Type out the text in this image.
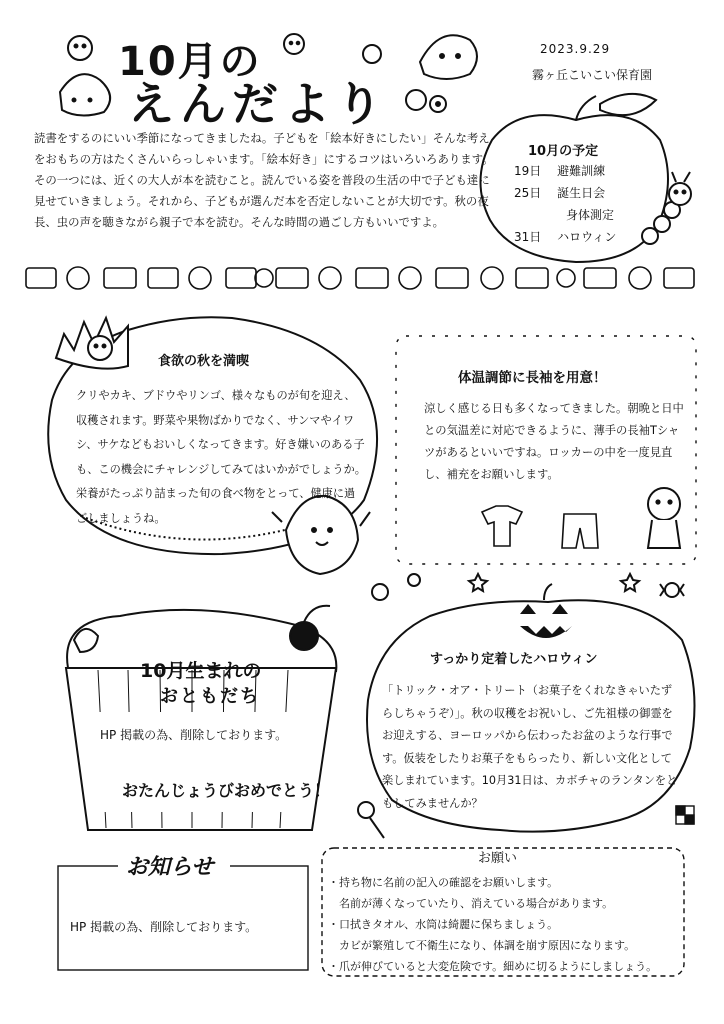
10月の
えんだより
2023.9.29
霧ヶ丘こいこい保育園
読書をするのにいい季節になってきましたね。子どもを「絵本好きにしたい」そんな考えをおもちの方はたくさんいらっしゃいます。「絵本好き」にするコツはいろいろあります。その一つには、近くの大人が本を読むこと。読んでいる姿を普段の生活の中で子ども達に見せていきましょう。それから、子どもが選んだ本を否定しないことが大切です。秋の夜長、虫の声を聴きながら親子で本を読む。そんな時間の過ごし方もいいですよ。
10月の予定
19日 避難訓練
25日 誕生日会
身体測定
31日 ハロウィン
食欲の秋を満喫
クリやカキ、ブドウやリンゴ、様々なものが旬を迎え、収穫されます。野菜や果物ばかりでなく、サンマやイワシ、サケなどもおいしくなってきます。好き嫌いのある子も、この機会にチャレンジしてみてはいかがでしょうか。栄養がたっぷり詰まった旬の食べ物をとって、健康に過ごしましょうね。
体温調節に長袖を用意！
涼しく感じる日も多くなってきました。朝晩と日中との気温差に対応できるように、薄手の長袖Tシャツがあるといいですね。ロッカーの中を一度見直し、補充をお願いします。
10月生まれの
おともだち
HP 掲載の為、削除しております。
おたんじょうびおめでとう！
すっかり定着したハロウィン
「トリック・オア・トリート（お菓子をくれなきゃいたずらしちゃうぞ）」。秋の収穫をお祝いし、ご先祖様の御霊をお迎えする、ヨーロッパから伝わったお盆のような行事です。仮装をしたりお菓子をもらったり、新しい文化として楽しまれています。10月31日は、カボチャのランタンをともしてみませんか？
お知らせ
HP 掲載の為、削除しております。
お願い
・持ち物に名前の記入の確認をお願いします。
　名前が薄くなっていたり、消えている場合があります。
・口拭きタオル、水筒は綺麗に保ちましょう。
　カビが繁殖して不衛生になり、体調を崩す原因になります。
・爪が伸びていると大変危険です。細めに切るようにしましょう。
